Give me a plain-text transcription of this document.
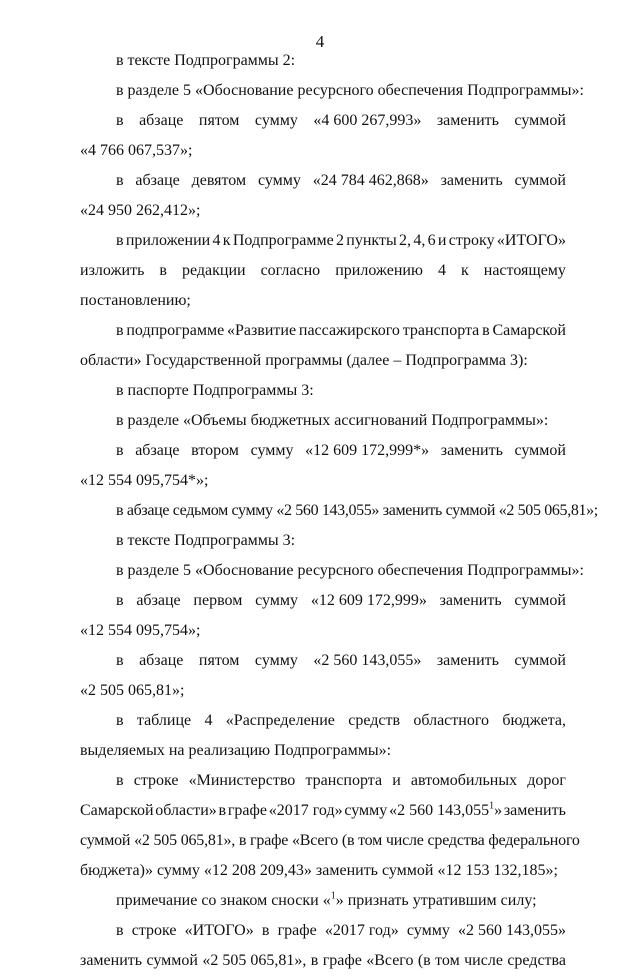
4
в тексте Подпрограммы 2:
в разделе 5 «Обоснование ресурсного обеспечения Подпрограммы»:
в абзаце пятом сумму «4 600 267,993» заменить суммой
«4 766 067,537»;
в абзаце девятом сумму «24 784 462,868» заменить суммой
«24 950 262,412»;
в приложении 4 к Подпрограмме 2 пункты 2, 4, 6 и строку «ИТОГО»
изложить в редакции согласно приложению 4 к настоящему
постановлению;
в подпрограмме «Развитие пассажирского транспорта в Самарской
области» Государственной программы (далее – Подпрограмма 3):
в паспорте Подпрограммы 3:
в разделе «Объемы бюджетных ассигнований Подпрограммы»:
в абзаце втором сумму «12 609 172,999*» заменить суммой
«12 554 095,754*»;
в абзаце седьмом сумму «2 560 143,055» заменить суммой «2 505 065,81»;
в тексте Подпрограммы 3:
в разделе 5 «Обоснование ресурсного обеспечения Подпрограммы»:
в абзаце первом сумму «12 609 172,999» заменить суммой
«12 554 095,754»;
в абзаце пятом сумму «2 560 143,055» заменить суммой
«2 505 065,81»;
в таблице 4 «Распределение средств областного бюджета,
выделяемых на реализацию Подпрограммы»:
в строке «Министерство транспорта и автомобильных дорог
Самарской области» в графе «2017 год» сумму «2 560 143,055$^1$» заменить
суммой «2 505 065,81», в графе «Всего (в том числе средства федерального
бюджета)» сумму «12 208 209,43» заменить суммой «12 153 132,185»;
примечание со знаком сноски «$^1$» признать утратившим силу;
в строке «ИТОГО» в графе «2017 год» сумму «2 560 143,055»
заменить суммой «2 505 065,81», в графе «Всего (в том числе средства
